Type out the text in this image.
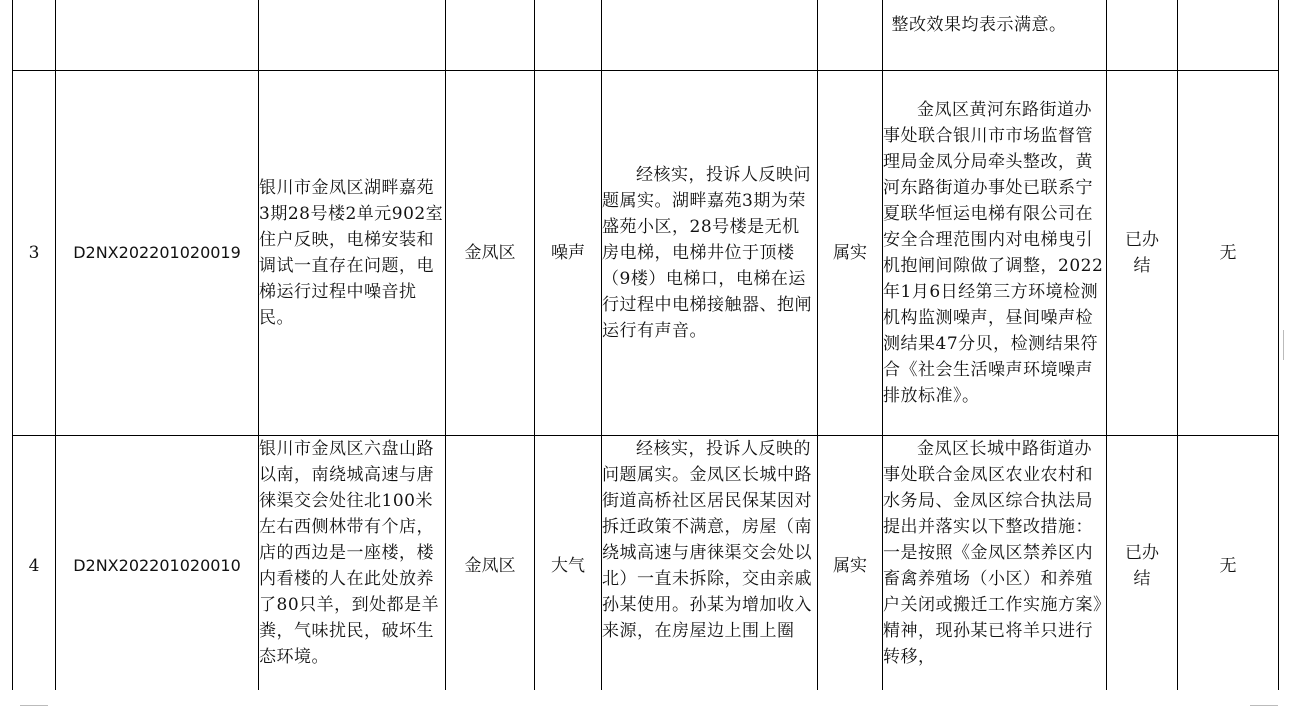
							整改效果均表示满意。		
3	D2NX202201020019	银川市金凤区湖畔嘉苑3期28号楼2单元902室住户反映，电梯安装和调试一直存在问题，电梯运行过程中噪音扰民。	金凤区	噪声	经核实，投诉人反映问题属实。湖畔嘉苑3期为荣盛苑小区，28号楼是无机房电梯，电梯井位于顶楼（9楼）电梯口，电梯在运行过程中电梯接触器、抱闸运行有声音。	属实	金凤区黄河东路街道办事处联合银川市市场监督管理局金凤分局牵头整改，黄河东路街道办事处已联系宁夏联华恒运电梯有限公司在安全合理范围内对电梯曳引机抱闸间隙做了调整，2022年1月6日经第三方环境检测机构监测噪声，昼间噪声检测结果47分贝，检测结果符合《社会生活噪声环境噪声排放标准》。	已办结	无
4	D2NX202201020010	银川市金凤区六盘山路以南，南绕城高速与唐徕渠交会处往北100米左右西侧林带有个店，店的西边是一座楼，楼内看楼的人在此处放养了80只羊，到处都是羊粪，气味扰民，破坏生态环境。	金凤区	大气	经核实，投诉人反映的问题属实。金凤区长城中路街道高桥社区居民保某因对拆迁政策不满意，房屋（南绕城高速与唐徕渠交会处以北）一直未拆除，交由亲戚孙某使用。孙某为增加收入来源，在房屋边上围上圈	属实	金凤区长城中路街道办事处联合金凤区农业农村和水务局、金凤区综合执法局提出并落实以下整改措施：一是按照《金凤区禁养区内畜禽养殖场（小区）和养殖户关闭或搬迁工作实施方案》精神，现孙某已将羊只进行转移，	已办结	无
